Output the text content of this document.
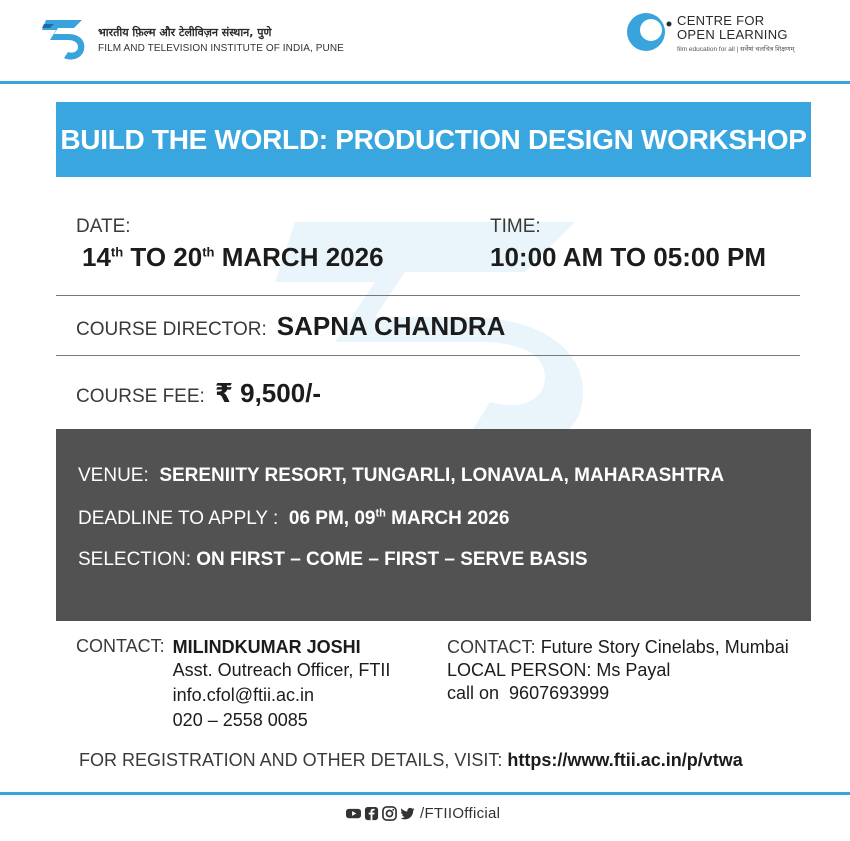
भारतीय फ़िल्म और टेलीविज़न संस्थान, पुणे
FILM AND TELEVISION INSTITUTE OF INDIA, PUNE
CENTRE FOR
OPEN LEARNING
film education for all | सर्वेषां चलचित्र शिक्षणम्
BUILD THE WORLD: PRODUCTION DESIGN WORKSHOP
DATE:
14th TO 20th MARCH 2026
TIME:
10:00 AM TO 05:00 PM
COURSE DIRECTOR: SAPNA CHANDRA
COURSE FEE: ₹ 9,500/-
VENUE: SERENIITY RESORT, TUNGARLI, LONAVALA, MAHARASHTRA
DEADLINE TO APPLY : 06 PM, 09th MARCH 2026
SELECTION: ON FIRST – COME – FIRST – SERVE BASIS
CONTACT: MILINDKUMAR JOSHI
Asst. Outreach Officer, FTII
info.cfol@ftii.ac.in
020 – 2558 0085
CONTACT: Future Story Cinelabs, Mumbai
LOCAL PERSON: Ms Payal
call on 9607693999
FOR REGISTRATION AND OTHER DETAILS, VISIT: https://www.ftii.ac.in/p/vtwa
/FTIIOfficial
